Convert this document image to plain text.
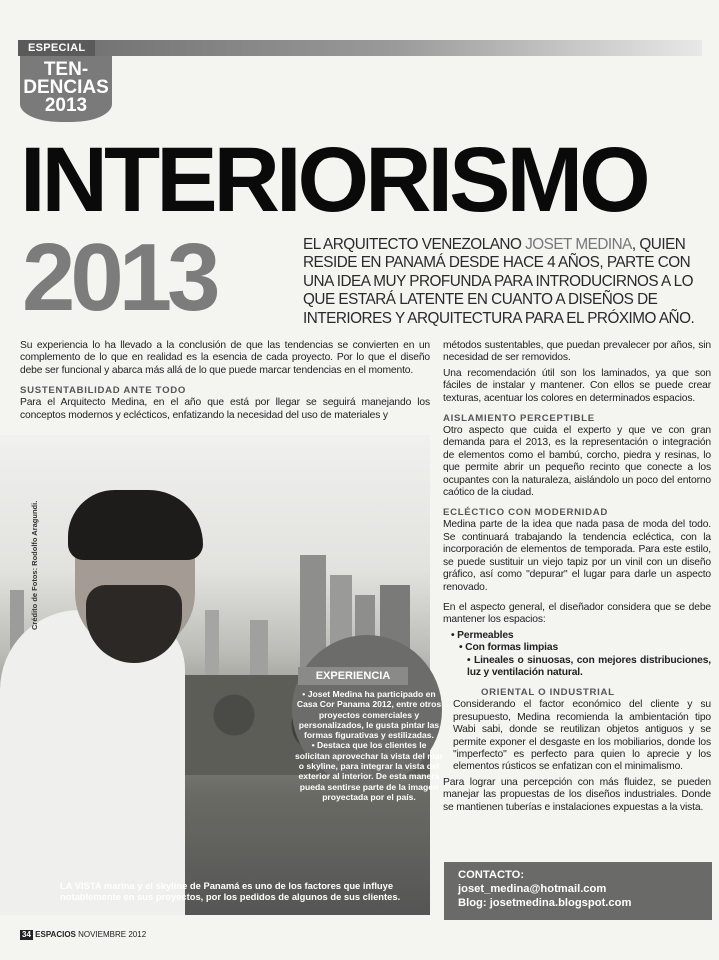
ESPECIAL
TEN-
DENCIAS
2013
INTERIORISMO
2013	EL ARQUITECTO VENEZOLANO JOSET MEDINA, QUIEN RESIDE EN PANAMÁ DESDE HACE 4 AÑOS, PARTE CON UNA IDEA MUY PROFUNDA PARA INTRODUCIRNOS A LO QUE ESTARÁ LATENTE EN CUANTO A DISEÑOS DE INTERIORES Y ARQUITECTURA PARA EL PRÓXIMO AÑO.

Su experiencia lo ha llevado a la conclusión de que las tendencias se convierten en un complemento de lo que en realidad es la esencia de cada proyecto. Por lo que el diseño debe ser funcional y abarca más allá de lo que puede marcar tendencias en el momento.

SUSTENTABILIDAD ANTE TODO

Para el Arquitecto Medina, en el año que está por llegar se seguirá manejando los conceptos modernos y eclécticos, enfatizando la necesidad del uso de materiales y

Crédito de Fotos: Rodolfo Aragundi.
EXPERIENCIA
• Joset Medina ha participado en Casa Cor Panama 2012, entre otros proyectos comerciales y personalizados, le gusta pintar las formas figurativas y estilizadas.
• Destaca que los clientes le solicitan aprovechar la vista del mar o skyline, para integrar la vista del exterior al interior. De esta manera pueda sentirse parte de la imagen proyectada por el país.
LA VISTA marina y el skyline de Panamá es uno de los factores que influye notablemente en sus proyectos, por los pedidos de algunos de sus clientes.

métodos sustentables, que puedan prevalecer por años, sin necesidad de ser removidos.

Una recomendación útil son los laminados, ya que son fáciles de instalar y mantener. Con ellos se puede crear texturas, acentuar los colores en determinados espacios.

AISLAMIENTO PERCEPTIBLE

Otro aspecto que cuida el experto y que ve con gran demanda para el 2013, es la representación o integración de elementos como el bambú, corcho, piedra y resinas, lo que permite abrir un pequeño recinto que conecte a los ocupantes con la naturaleza, aislándolo un poco del entorno caótico de la ciudad.

ECLÉCTICO CON MODERNIDAD

Medina parte de la idea que nada pasa de moda del todo. Se continuará trabajando la tendencia ecléctica, con la incorporación de elementos de temporada. Para este estilo, se puede sustituir un viejo tapiz por un vinil con un diseño gráfico, así como "depurar" el lugar para darle un aspecto renovado.

En el aspecto general, el diseñador considera que se debe mantener los espacios:

• Permeables
• Con formas limpias
• Lineales o sinuosas, con mejores distribuciones, luz y ventilación natural.
ORIENTAL O INDUSTRIAL

Considerando el factor económico del cliente y su presupuesto, Medina recomienda la ambientación tipo Wabi sabi, donde se reutilizan objetos antiguos y se permite exponer el desgaste en los mobiliarios, donde los "imperfecto" es perfecto para quien lo aprecie y los elementos rústicos se enfatizan con el minimalismo.

Para lograr una percepción con más fluidez, se pueden manejar las propuestas de los diseños industriales. Donde se mantienen tuberías e instalaciones expuestas a la vista.

CONTACTO:
joset_medina@hotmail.com
Blog: josetmedina.blogspot.com
34 ESPACIOS NOVIEMBRE 2012
